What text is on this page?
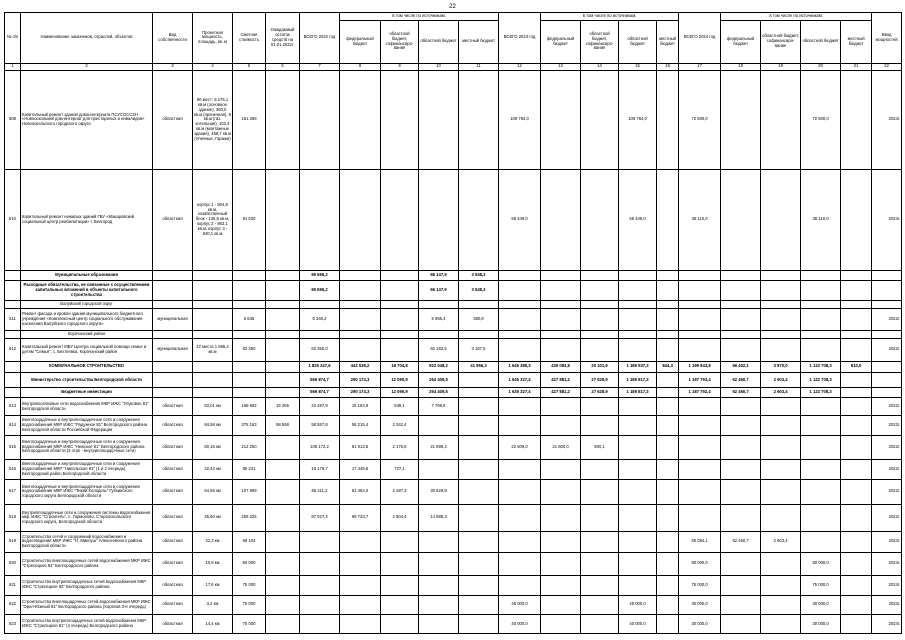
22
№ п/п	Наименование заказчиков, отраслей, объектов	Вид собственности	Проектная мощность, площадь, кв. м	Сметная стоимость	Ожидаемый остаток средств на 01.01.2022г.	ВСЕГО 2022 год	в том числе по источникам:				ВСЕГО 2023 год	в том числе по источникам:				ВСЕГО 2024 год	в том числе по источникам:				Ввод мощностей
							федеральный бюджет	областной бюджет, софинансиро-вание	областной бюджет	местный бюджет		федеральный бюджет	областной бюджет, софинансиро-вание	областной бюджет	местный бюджет		федеральный бюджет	областной бюджет, софинансиро-вание	областной бюджет	местный бюджет	
1	2	3	4	5	6	7	8	9	10	11	12	13	14	15	16	17	18	19	20	21	22
608	Капитальный ремонт здания дома-интерната ПСУСОССЗН «Новоосколький дом-интернат для престарелых и инвалидов» Новооскольского городского округа	областная	90 мест: 5 175,1 кв.м (основное здание), 360,0 кв.м (прачечная), 8 кв.м (газ. котельная), 103,4 кв.м (монтажные здания), 458,7 кв.м (Уличные, Гаражи)	161 269							109 764,0			109 764,0		72 500,0			72 500,0		2024г.
610	Капитальный ремонт нежилых зданий ГБУ «Макаровский социальный центр реабилитации» г. Белгород	областная	корпус 1 - 804,8 кв.м, хозяйственный блок - 135,5 кв.м, корпус 2 - 863,1 кв.м, корпус 3 - 840,1 кв.м	91 530							55 448,0			55 448,0		36 110,0			36 110,0		2024г.
	Муниципальные образования					69 696,2			66 147,9	3 548,3											
	Расходные обязательства, не связанные с осуществлением капитальных вложений в объекты капитального строительства					69 696,2			66 147,9	3 548,3											
	Валуйский городской округ																				
611	Ремонт фасада и кровли здания муниципального бюджетного учреждения «Комплексный центр социального обслуживания населения Валуйского городского округа»	муниципальная		6 645		6 346,2			5 965,4	380,8											2022г.
	Корочанский район																				
612	Капитальный ремонт МБУ Центра социальной помощи семье и детям "Семья", с. Бехтеевка, Корочанский район	муниципальная	42 места 1 565,2 кв.м	63 350		63 350,0			60 182,5	3 167,5											2022г.
	КОММУНАЛЬНОЕ СТРОИТЕЛЬСТВО					1 825 247,6	442 538,2	18 704,8	922 048,2	41 956,3	1 645 385,3	435 083,8	20 101,9	1 189 937,3	844,3	1 199 843,8	66 402,1	3 870,0	1 122 708,3	810,0	
	Министерство строительства Белгородской области					566 874,7	290 174,3	12 090,9	264 409,5		1 645 327,4	427 881,2	27 628,9	1 189 817,3		1 197 793,4	62 460,7	2 603,4	1 122 708,3		
	Бюджетные инвестиции					566 874,7	290 174,3	12 090,9	264 409,5		1 635 327,4	427 881,2	27 628,9	1 189 817,3		1 187 792,4	62 460,7	2 603,4	1 122 708,3		
613	Внутрипоселковые сети водоснабжения МКР ИЖС "Улуковое 81" Белгородской области	областная	53,01 км	168 602	15 465	23 487,9	15 163,9	548,1	7 769,8												2022г.
614	Внеплощадочные и внутриплощадочные сети и сооружения водоснабжения МКР ИЖС "Радужное 81" Белгородского района Белгородской области Российской Федерации	областная	84,58 км	375 163	58 558	58 557,8	56 215,4	2 342,4													2022г.
615	Внеплощадочные и внутриплощадочные сети и сооружения водоснабжения МКР ИЖС "Нежское 81" Белгородского района Белгородской области (3 этап - внутриплощадочные сети)	областная	60,16 км	212 250		106 172,2	81 913,6	2 176,6	21 698,4		22 509,0	21 600,0	900,1								2022г.
616	Внеплощадочные и внутриплощадочные сети и сооружения водоснабжения МКР "Никольское 81" (1 и 2 очередь) Белгородский район Белгородской области	областная	22,44 км	85 241		18 176,7	17 449,6	727,1													2022г.
617	Внеплощадочные и внутриплощадочные сети и сооружения водоснабжения МКР ИЖС "Тихий Колодезь" Губкинского городского округа Белгородской области	областная	54,55 км	107 699		85 211,2	52 464,0	2 187,3	30 629,9												2022г.
618	Внутриплощадочные сети и сооружения системы водоснабжения мкр. ИЖС "Строитель", с. Гармоново, Старооскольского городского округа, Белгородской области	областная	45,60 км	259 225		87 027,4	69 733,7	2 904,4	14 888,3												2022г.
619	Строительство сетей и сооружений водоснабжения и водоотведения МКР ИЖС "Н. Миклуш" Алексеевского района Белгородской области	областная	22,3 км	68 104												65 084,1	62 460,7	2 603,4			2024г.
620	Строительство внеплощадочных сетей водоснабжения МКР ИЖС "Стрелецкое 81" Белгородского района	областная	10,6 км	60 000												60 000,0			60 000,0		2024г.
621	Строительство внутриплощадочных сетей водоснабжения МКР ИЖС "Стрелецкое 82" Белгородского района	областная	17,6 км	75 000												75 000,0			75 000,0		2024г.
622	Строительство внеплощадочных сетей водоснабжения МКР ИЖС "Орел-Южный 81" Белгородского района (Хорехов 3-я очередь)	областная	3,2 км	75 000							45 000,0			45 000,0		30 000,0			30 000,0		2024г.
623	Строительство внутриплощадочных сетей водоснабжения МКР ИЖС "Стрелецкое 81" (4 очередь) Белгородского района	областная	14,4 км	70 000							40 000,0			40 000,0		30 000,0			30 000,0		2024г.
